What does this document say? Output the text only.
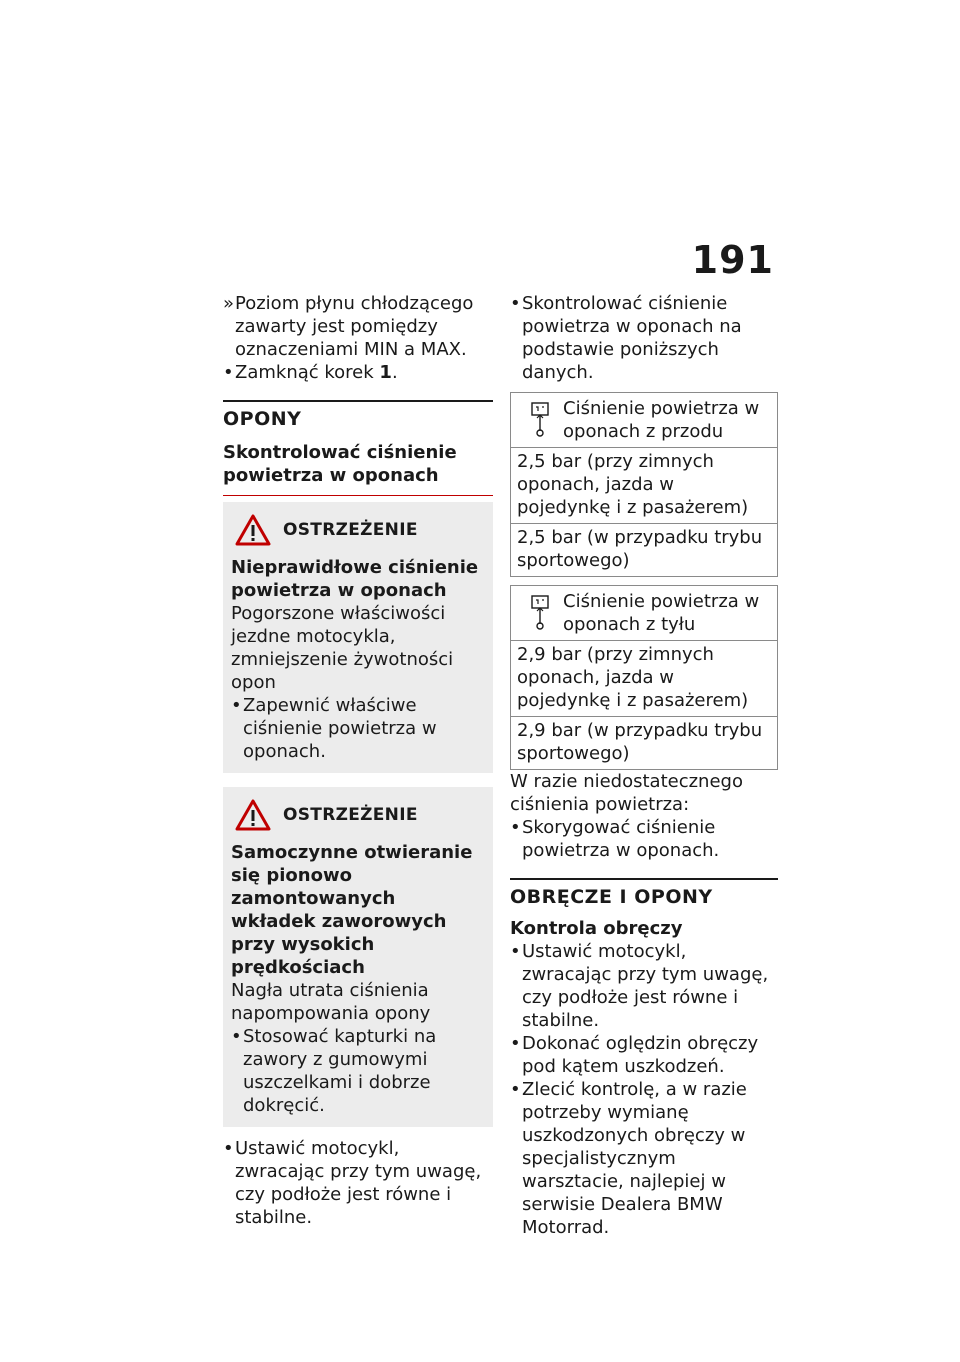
191
» Poziom płynu chłodzącego zawarty jest pomiędzy oznaczeniami MIN a MAX.
• Zamknąć korek 1.
OPONY
Skontrolować ciśnienie powietrza w oponach
OSTRZEŻENIE
Nieprawidłowe ciśnienie powietrza w oponach
Pogorszone właściwości jezdne motocykla, zmniejszenie żywotności opon
• Zapewnić właściwe ciśnienie powietrza w oponach.
OSTRZEŻENIE
Samoczynne otwieranie się pionowo zamontowanych wkładek zaworowych przy wysokich prędkościach
Nagła utrata ciśnienia napompowania opony
• Stosować kapturki na zawory z gumowymi uszczelkami i dobrze dokręcić.
• Ustawić motocykl, zwracając przy tym uwagę, czy podłoże jest równe i stabilne.
• Skontrolować ciśnienie powietrza w oponach na podstawie poniższych danych.
Ciśnienie powietrza w oponach z przodu

2,5 bar (przy zimnych oponach, jazda w pojedynkę i z pasażerem)
2,5 bar (w przypadku trybu sportowego)
Ciśnienie powietrza w oponach z tyłu

2,9 bar (przy zimnych oponach, jazda w pojedynkę i z pasażerem)
2,9 bar (w przypadku trybu sportowego)
W razie niedostatecznego ciśnienia powietrza:
• Skorygować ciśnienie powietrza w oponach.
OBRĘCZE I OPONY
Kontrola obręczy
• Ustawić motocykl, zwracając przy tym uwagę, czy podłoże jest równe i stabilne.
• Dokonać oględzin obręczy pod kątem uszkodzeń.
• Zlecić kontrolę, a w razie potrzeby wymianę uszkodzonych obręczy w specjalistycznym warsztacie, najlepiej w serwisie Dealera BMW Motorrad.
